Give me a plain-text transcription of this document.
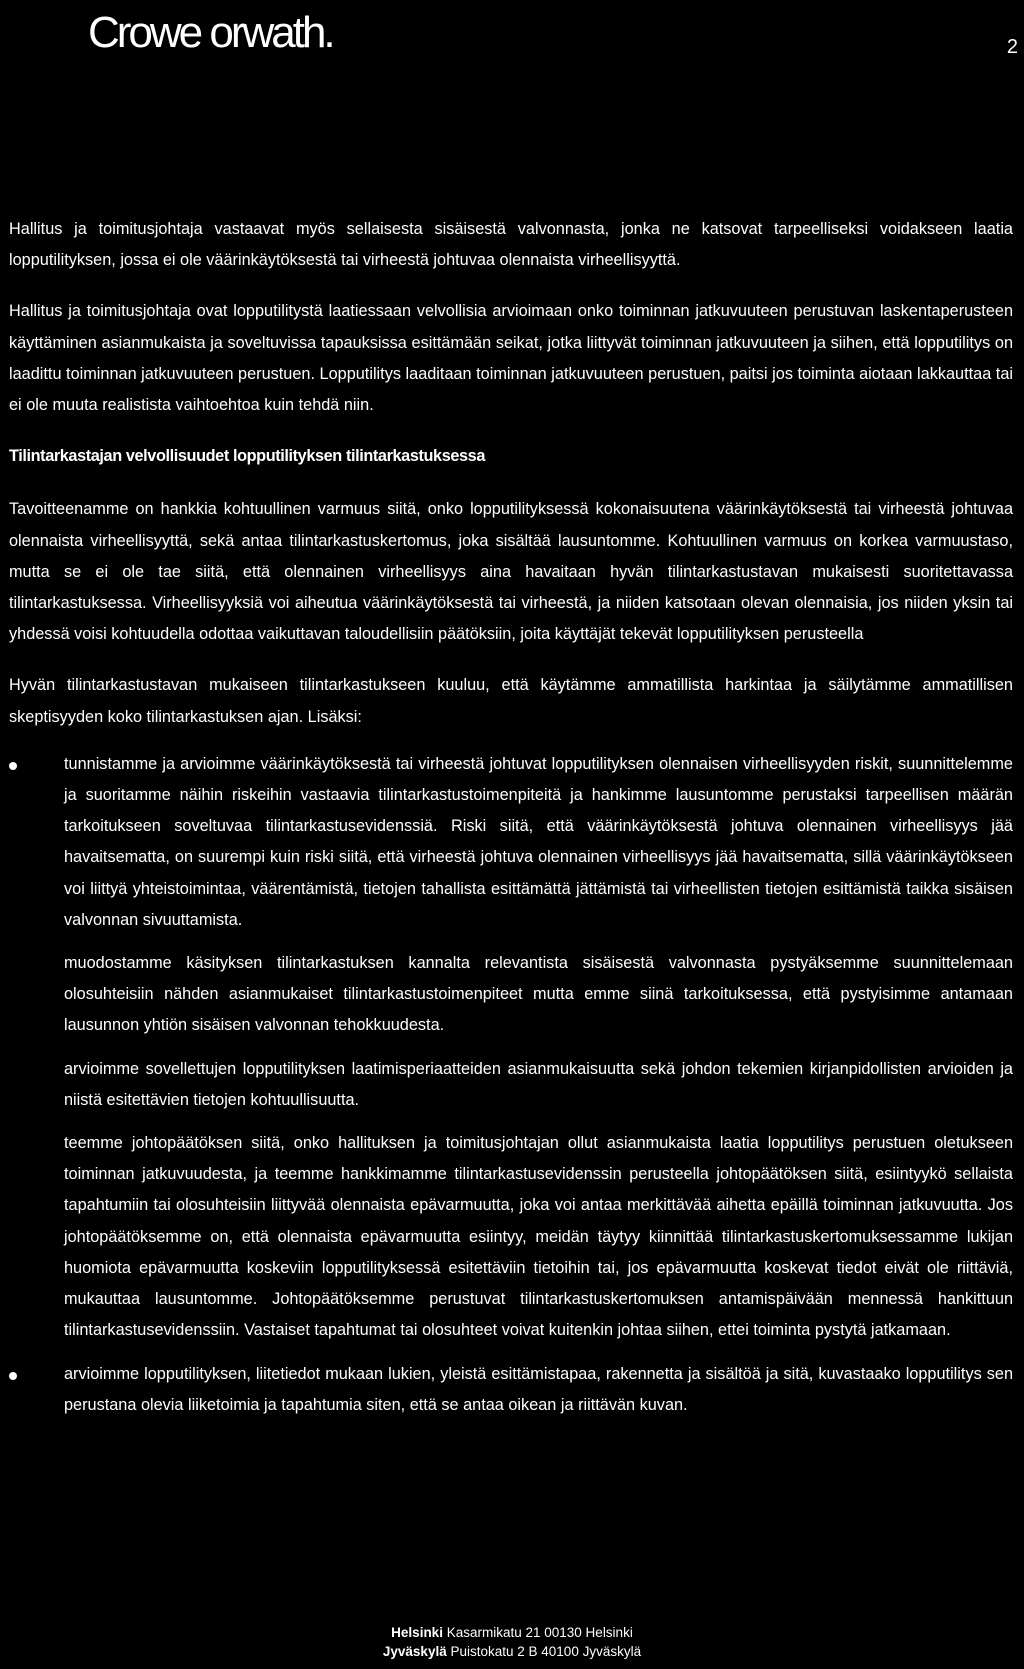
Crowe orwath.	2

Hallitus ja toimitusjohtaja vastaavat myös sellaisesta sisäisestä valvonnasta, jonka ne katsovat tarpeelliseksi voidakseen laatia lopputilityksen, jossa ei ole väärinkäytöksestä tai virheestä johtuvaa olennaista virheellisyyttä.

Hallitus ja toimitusjohtaja ovat lopputilitystä laatiessaan velvollisia arvioimaan onko toiminnan jatkuvuuteen perustuvan laskentaperusteen käyttäminen asianmukaista ja soveltuvissa tapauksissa esittämään seikat, jotka liittyvät toiminnan jatkuvuuteen ja siihen, että lopputilitys on laadittu toiminnan jatkuvuuteen perustuen. Lopputilitys laaditaan toiminnan jatkuvuuteen perustuen, paitsi jos toiminta aiotaan lakkauttaa tai ei ole muuta realistista vaihtoehtoa kuin tehdä niin.

Tilintarkastajan velvollisuudet lopputilityksen tilintarkastuksessa

Tavoitteenamme on hankkia kohtuullinen varmuus siitä, onko lopputilityksessä kokonaisuutena väärinkäytöksestä tai virheestä johtuvaa olennaista virheellisyyttä, sekä antaa tilintarkastuskertomus, joka sisältää lausuntomme. Kohtuullinen varmuus on korkea varmuustaso, mutta se ei ole tae siitä, että olennainen virheellisyys aina havaitaan hyvän tilintarkastustavan mukaisesti suoritettavassa tilintarkastuksessa. Virheellisyyksiä voi aiheutua väärinkäytöksestä tai virheestä, ja niiden katsotaan olevan olennaisia, jos niiden yksin tai yhdessä voisi kohtuudella odottaa vaikuttavan taloudellisiin päätöksiin, joita käyttäjät tekevät lopputilityksen perusteella

Hyvän tilintarkastustavan mukaiseen tilintarkastukseen kuuluu, että käytämme ammatillista harkintaa ja säilytämme ammatillisen skeptisyyden koko tilintarkastuksen ajan. Lisäksi:

tunnistamme ja arvioimme väärinkäytöksestä tai virheestä johtuvat lopputilityksen olennaisen virheellisyyden riskit, suunnittelemme ja suoritamme näihin riskeihin vastaavia tilintarkastustoimenpiteitä ja hankimme lausuntomme perustaksi tarpeellisen määrän tarkoitukseen soveltuvaa tilintarkastusevidenssiä. Riski siitä, että väärinkäytöksestä johtuva olennainen virheellisyys jää havaitsematta, on suurempi kuin riski siitä, että virheestä johtuva olennainen virheellisyys jää havaitsematta, sillä väärinkäytökseen voi liittyä yhteistoimintaa, väärentämistä, tietojen tahallista esittämättä jättämistä tai virheellisten tietojen esittämistä taikka sisäisen valvonnan sivuuttamista.
muodostamme käsityksen tilintarkastuksen kannalta relevantista sisäisestä valvonnasta pystyäksemme suunnittelemaan olosuhteisiin nähden asianmukaiset tilintarkastustoimenpiteet mutta emme siinä tarkoituksessa, että pystyisimme antamaan lausunnon yhtiön sisäisen valvonnan tehokkuudesta.
arvioimme sovellettujen lopputilityksen laatimisperiaatteiden asianmukaisuutta sekä johdon tekemien kirjanpidollisten arvioiden ja niistä esitettävien tietojen kohtuullisuutta.
teemme johtopäätöksen siitä, onko hallituksen ja toimitusjohtajan ollut asianmukaista laatia lopputilitys perustuen oletukseen toiminnan jatkuvuudesta, ja teemme hankkimamme tilintarkastusevidenssin perusteella johtopäätöksen siitä, esiintyykö sellaista tapahtumiin tai olosuhteisiin liittyvää olennaista epävarmuutta, joka voi antaa merkittävää aihetta epäillä toiminnan jatkuvuutta. Jos johtopäätöksemme on, että olennaista epävarmuutta esiintyy, meidän täytyy kiinnittää tilintarkastuskertomuksessamme lukijan huomiota epävarmuutta koskeviin lopputilityksessä esitettäviin tietoihin tai, jos epävarmuutta koskevat tiedot eivät ole riittäviä, mukauttaa lausuntomme. Johtopäätöksemme perustuvat tilintarkastuskertomuksen antamispäivään mennessä hankittuun tilintarkastusevidenssiin. Vastaiset tapahtumat tai olosuhteet voivat kuitenkin johtaa siihen, ettei toiminta pystytä jatkamaan.
arvioimme lopputilityksen, liitetiedot mukaan lukien, yleistä esittämistapaa, rakennetta ja sisältöä ja sitä, kuvastaako lopputilitys sen perustana olevia liiketoimia ja tapahtumia siten, että se antaa oikean ja riittävän kuvan.
Helsinki Kasarmikatu 21 00130 Helsinki
Jyväskylä Puistokatu 2 B 40100 Jyväskylä
